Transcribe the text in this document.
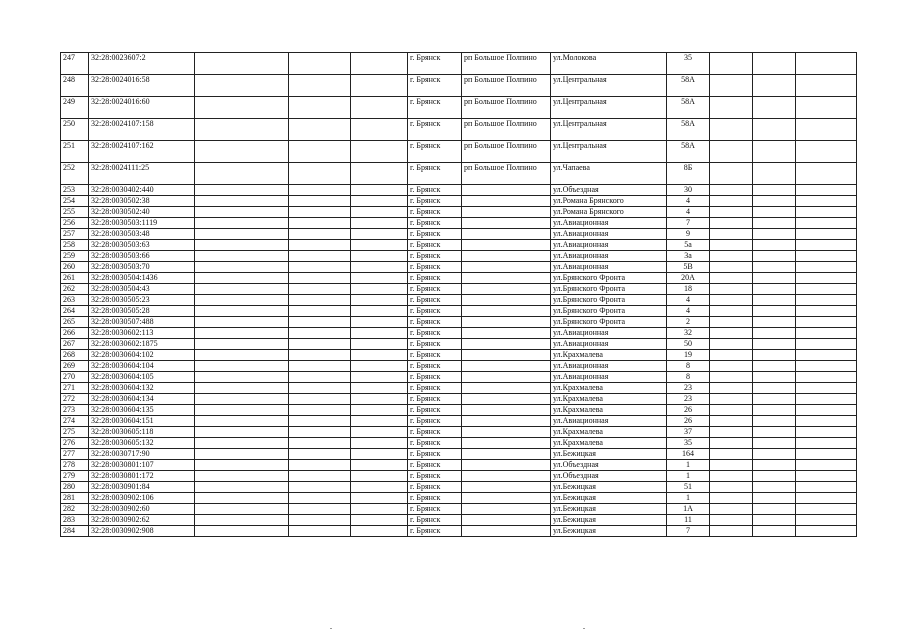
247	32:28:0023607:2				г. Брянск	рп Большое Полпино	ул.Молокова	35			
248	32:28:0024016:58				г. Брянск	рп Большое Полпино	ул.Центральная	58А			
249	32:28:0024016:60				г. Брянск	рп Большое Полпино	ул.Центральная	58А			
250	32:28:0024107:158				г. Брянск	рп Большое Полпино	ул.Центральная	58А			
251	32:28:0024107:162				г. Брянск	рп Большое Полпино	ул.Центральная	58А			
252	32:28:0024111:25				г. Брянск	рп Большое Полпино	ул.Чапаева	8Б			
253	32:28:0030402:440				г. Брянск		ул.Объездная	30			
254	32:28:0030502:38				г. Брянск		ул.Романа Брянского	4			
255	32:28:0030502:40				г. Брянск		ул.Романа Брянского	4			
256	32:28:0030503:1119				г. Брянск		ул.Авиационная	7			
257	32:28:0030503:48				г. Брянск		ул.Авиационная	9			
258	32:28:0030503:63				г. Брянск		ул.Авиационная	5а			
259	32:28:0030503:66				г. Брянск		ул.Авиационная	3а			
260	32:28:0030503:70				г. Брянск		ул.Авиационная	5В			
261	32:28:0030504:1436				г. Брянск		ул.Брянского Фронта	20А			
262	32:28:0030504:43				г. Брянск		ул.Брянского Фронта	18			
263	32:28:0030505:23				г. Брянск		ул.Брянского Фронта	4			
264	32:28:0030505:28				г. Брянск		ул.Брянского Фронта	4			
265	32:28:0030507:488				г. Брянск		ул.Брянского Фронта	2			
266	32:28:0030602:113				г. Брянск		ул.Авиационная	32			
267	32:28:0030602:1875				г. Брянск		ул.Авиационная	50			
268	32:28:0030604:102				г. Брянск		ул.Крахмалева	19			
269	32:28:0030604:104				г. Брянск		ул.Авиационная	8			
270	32:28:0030604:105				г. Брянск		ул.Авиационная	8			
271	32:28:0030604:132				г. Брянск		ул.Крахмалева	23			
272	32:28:0030604:134				г. Брянск		ул.Крахмалева	23			
273	32:28:0030604:135				г. Брянск		ул.Крахмалева	26			
274	32:28:0030604:151				г. Брянск		ул.Авиационная	26			
275	32:28:0030605:118				г. Брянск		ул.Крахмалева	37			
276	32:28:0030605:132				г. Брянск		ул.Крахмалева	35			
277	32:28:0030717:90				г. Брянск		ул.Бежицкая	164			
278	32:28:0030801:107				г. Брянск		ул.Объездная	1			
279	32:28:0030801:172				г. Брянск		ул.Объездная	1			
280	32:28:0030901:84				г. Брянск		ул.Бежицкая	51			
281	32:28:0030902:106				г. Брянск		ул.Бежицкая	1			
282	32:28:0030902:60				г. Брянск		ул.Бежицкая	1А			
283	32:28:0030902:62				г. Брянск		ул.Бежицкая	11			
284	32:28:0030902:908				г. Брянск		ул.Бежицкая	7			
